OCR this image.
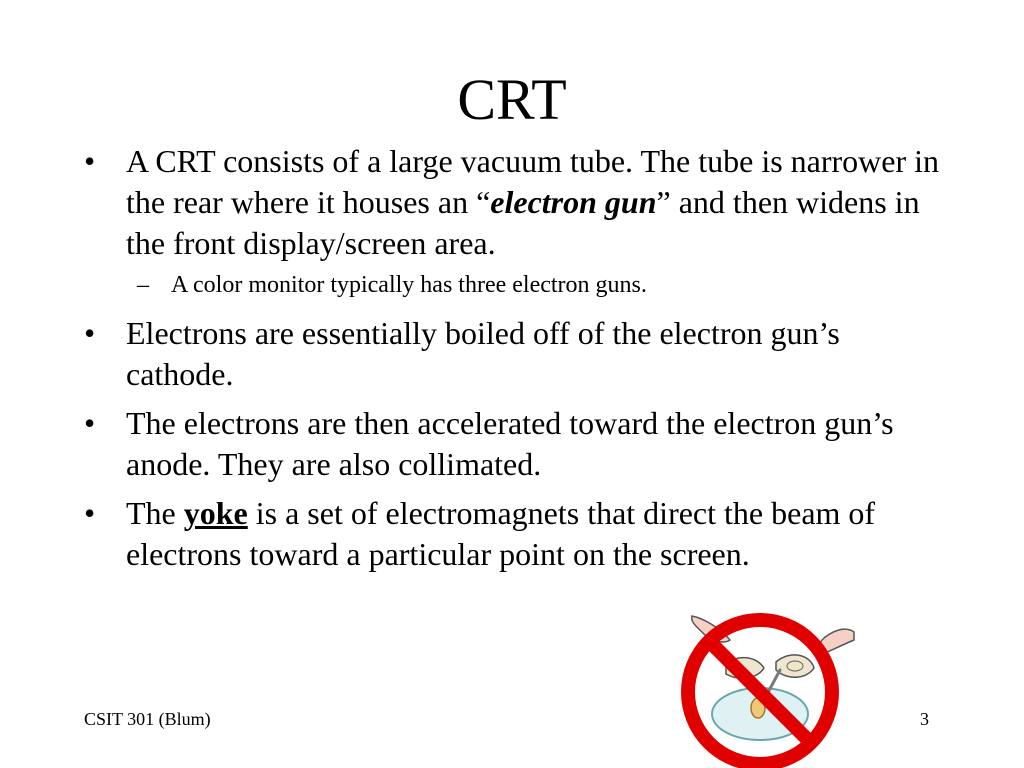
CRT
• A CRT consists of a large vacuum tube. The tube is narrower in the rear where it houses an “electron gun” and then widens in the front display/screen area.
– A color monitor typically has three electron guns.
• Electrons are essentially boiled off of the electron gun’s cathode.
• The electrons are then accelerated toward the electron gun’s anode. They are also collimated.
• The yoke is a set of electromagnets that direct the beam of electrons toward a particular point on the screen.
CSIT 301 (Blum)	3
